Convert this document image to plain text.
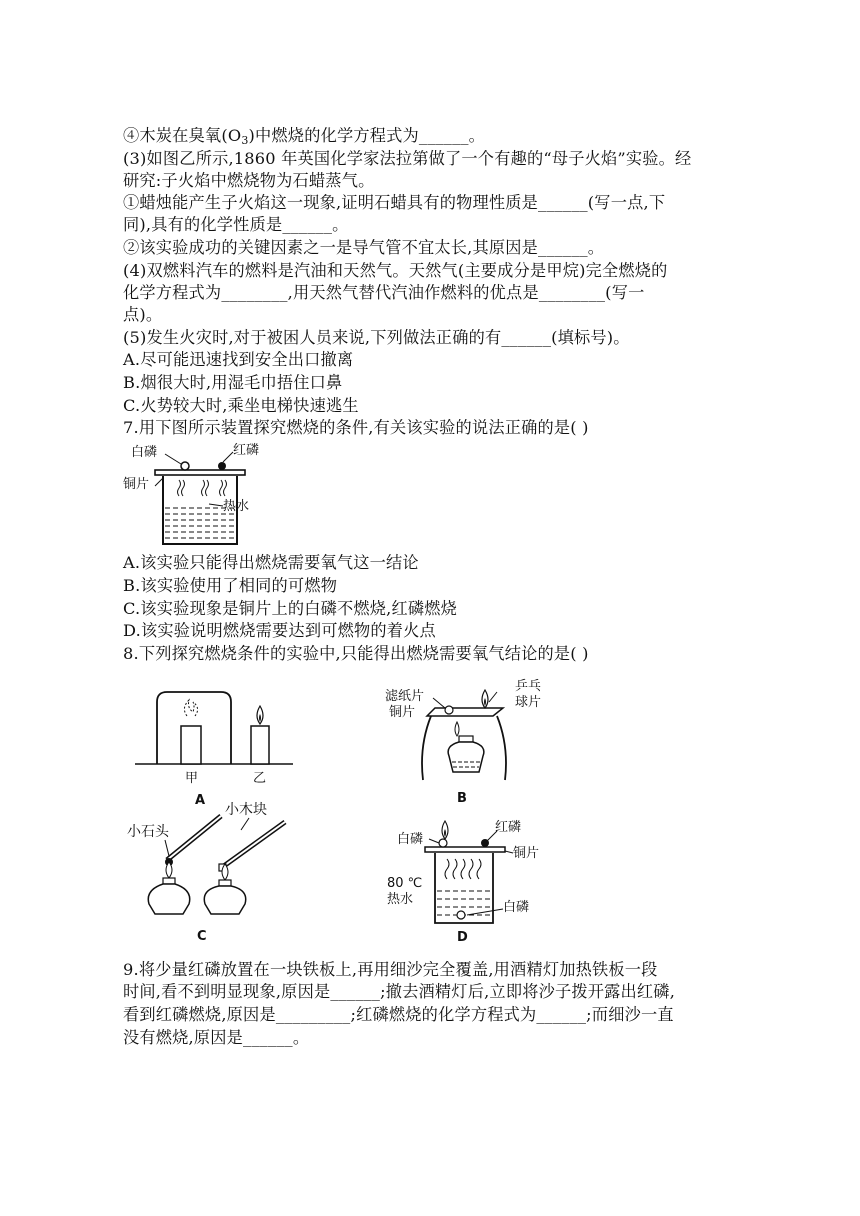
④木炭在臭氧$(O_3)$中燃烧的化学方程式为______。
(3)如图乙所示,1860 年英国化学家法拉第做了一个有趣的“母子火焰”实验。经
研究:子火焰中燃烧物为石蜡蒸气。
①蜡烛能产生子火焰这一现象,证明石蜡具有的物理性质是______(写一点,下
同),具有的化学性质是______。
②该实验成功的关键因素之一是导气管不宜太长,其原因是______。
(4)双燃料汽车的燃料是汽油和天然气。天然气(主要成分是甲烷)完全燃烧的
化学方程式为________,用天然气替代汽油作燃料的优点是________(写一
点)。
(5)发生火灾时,对于被困人员来说,下列做法正确的有______(填标号)。
A.尽可能迅速找到安全出口撤离
B.烟很大时,用湿毛巾捂住口鼻
C.火势较大时,乘坐电梯快速逃生
7.用下图所示装置探究燃烧的条件,有关该实验的说法正确的是( )
白磷	红磷
铜片
热水
A.该实验只能得出燃烧需要氧气这一结论
B.该实验使用了相同的可燃物
C.该实验现象是铜片上的白磷不燃烧,红磷燃烧
D.该实验说明燃烧需要达到可燃物的着火点
8.下列探究燃烧条件的实验中,只能得出燃烧需要氧气结论的是( )
甲	乙
A
滤纸片
铜片
乒乓
球片
B
小石头
小木块
C
白磷
红磷
铜片
80 ℃
热水
白磷
D
9.将少量红磷放置在一块铁板上,再用细沙完全覆盖,用酒精灯加热铁板一段
时间,看不到明显现象,原因是______;撤去酒精灯后,立即将沙子拨开露出红磷,
看到红磷燃烧,原因是_________;红磷燃烧的化学方程式为______;而细沙一直
没有燃烧,原因是______。
